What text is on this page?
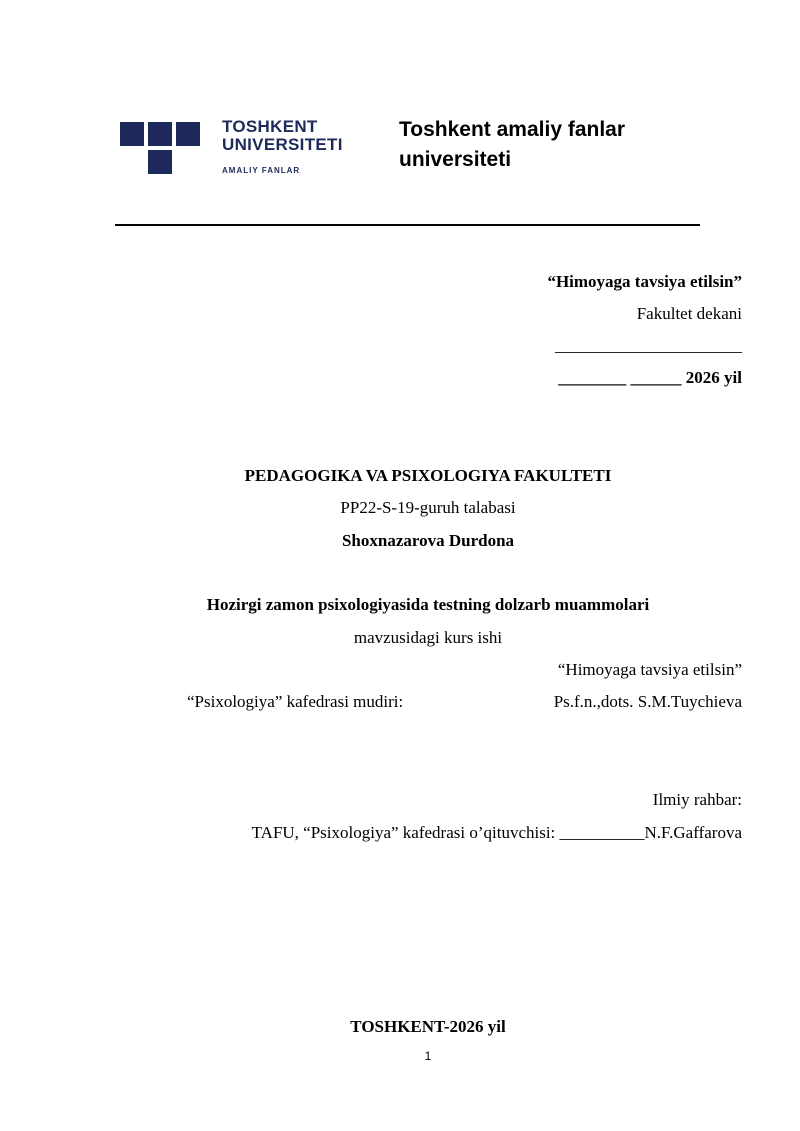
TOSHKENT
UNIVERSITETI
AMALIY FANLAR
Toshkent amaliy fanlar
universiteti
“Himoyaga tavsiya etilsin”
Fakultet dekani
______________________
________ ______ 2026 yil
PEDAGOGIKA VA PSIXOLOGIYA FAKULTETI
PP22-S-19-guruh talabasi
Shoxnazarova Durdona
Hozirgi zamon psixologiyasida testning dolzarb muammolari
mavzusidagi kurs ishi
“Himoyaga tavsiya etilsin”
“Psixologiya” kafedrasi mudiri:	Ps.f.n.,dots. S.M.Tuychieva
Ilmiy rahbar:
TAFU, “Psixologiya” kafedrasi o’qituvchisi: __________N.F.Gaffarova
TOSHKENT-2026 yil
1
